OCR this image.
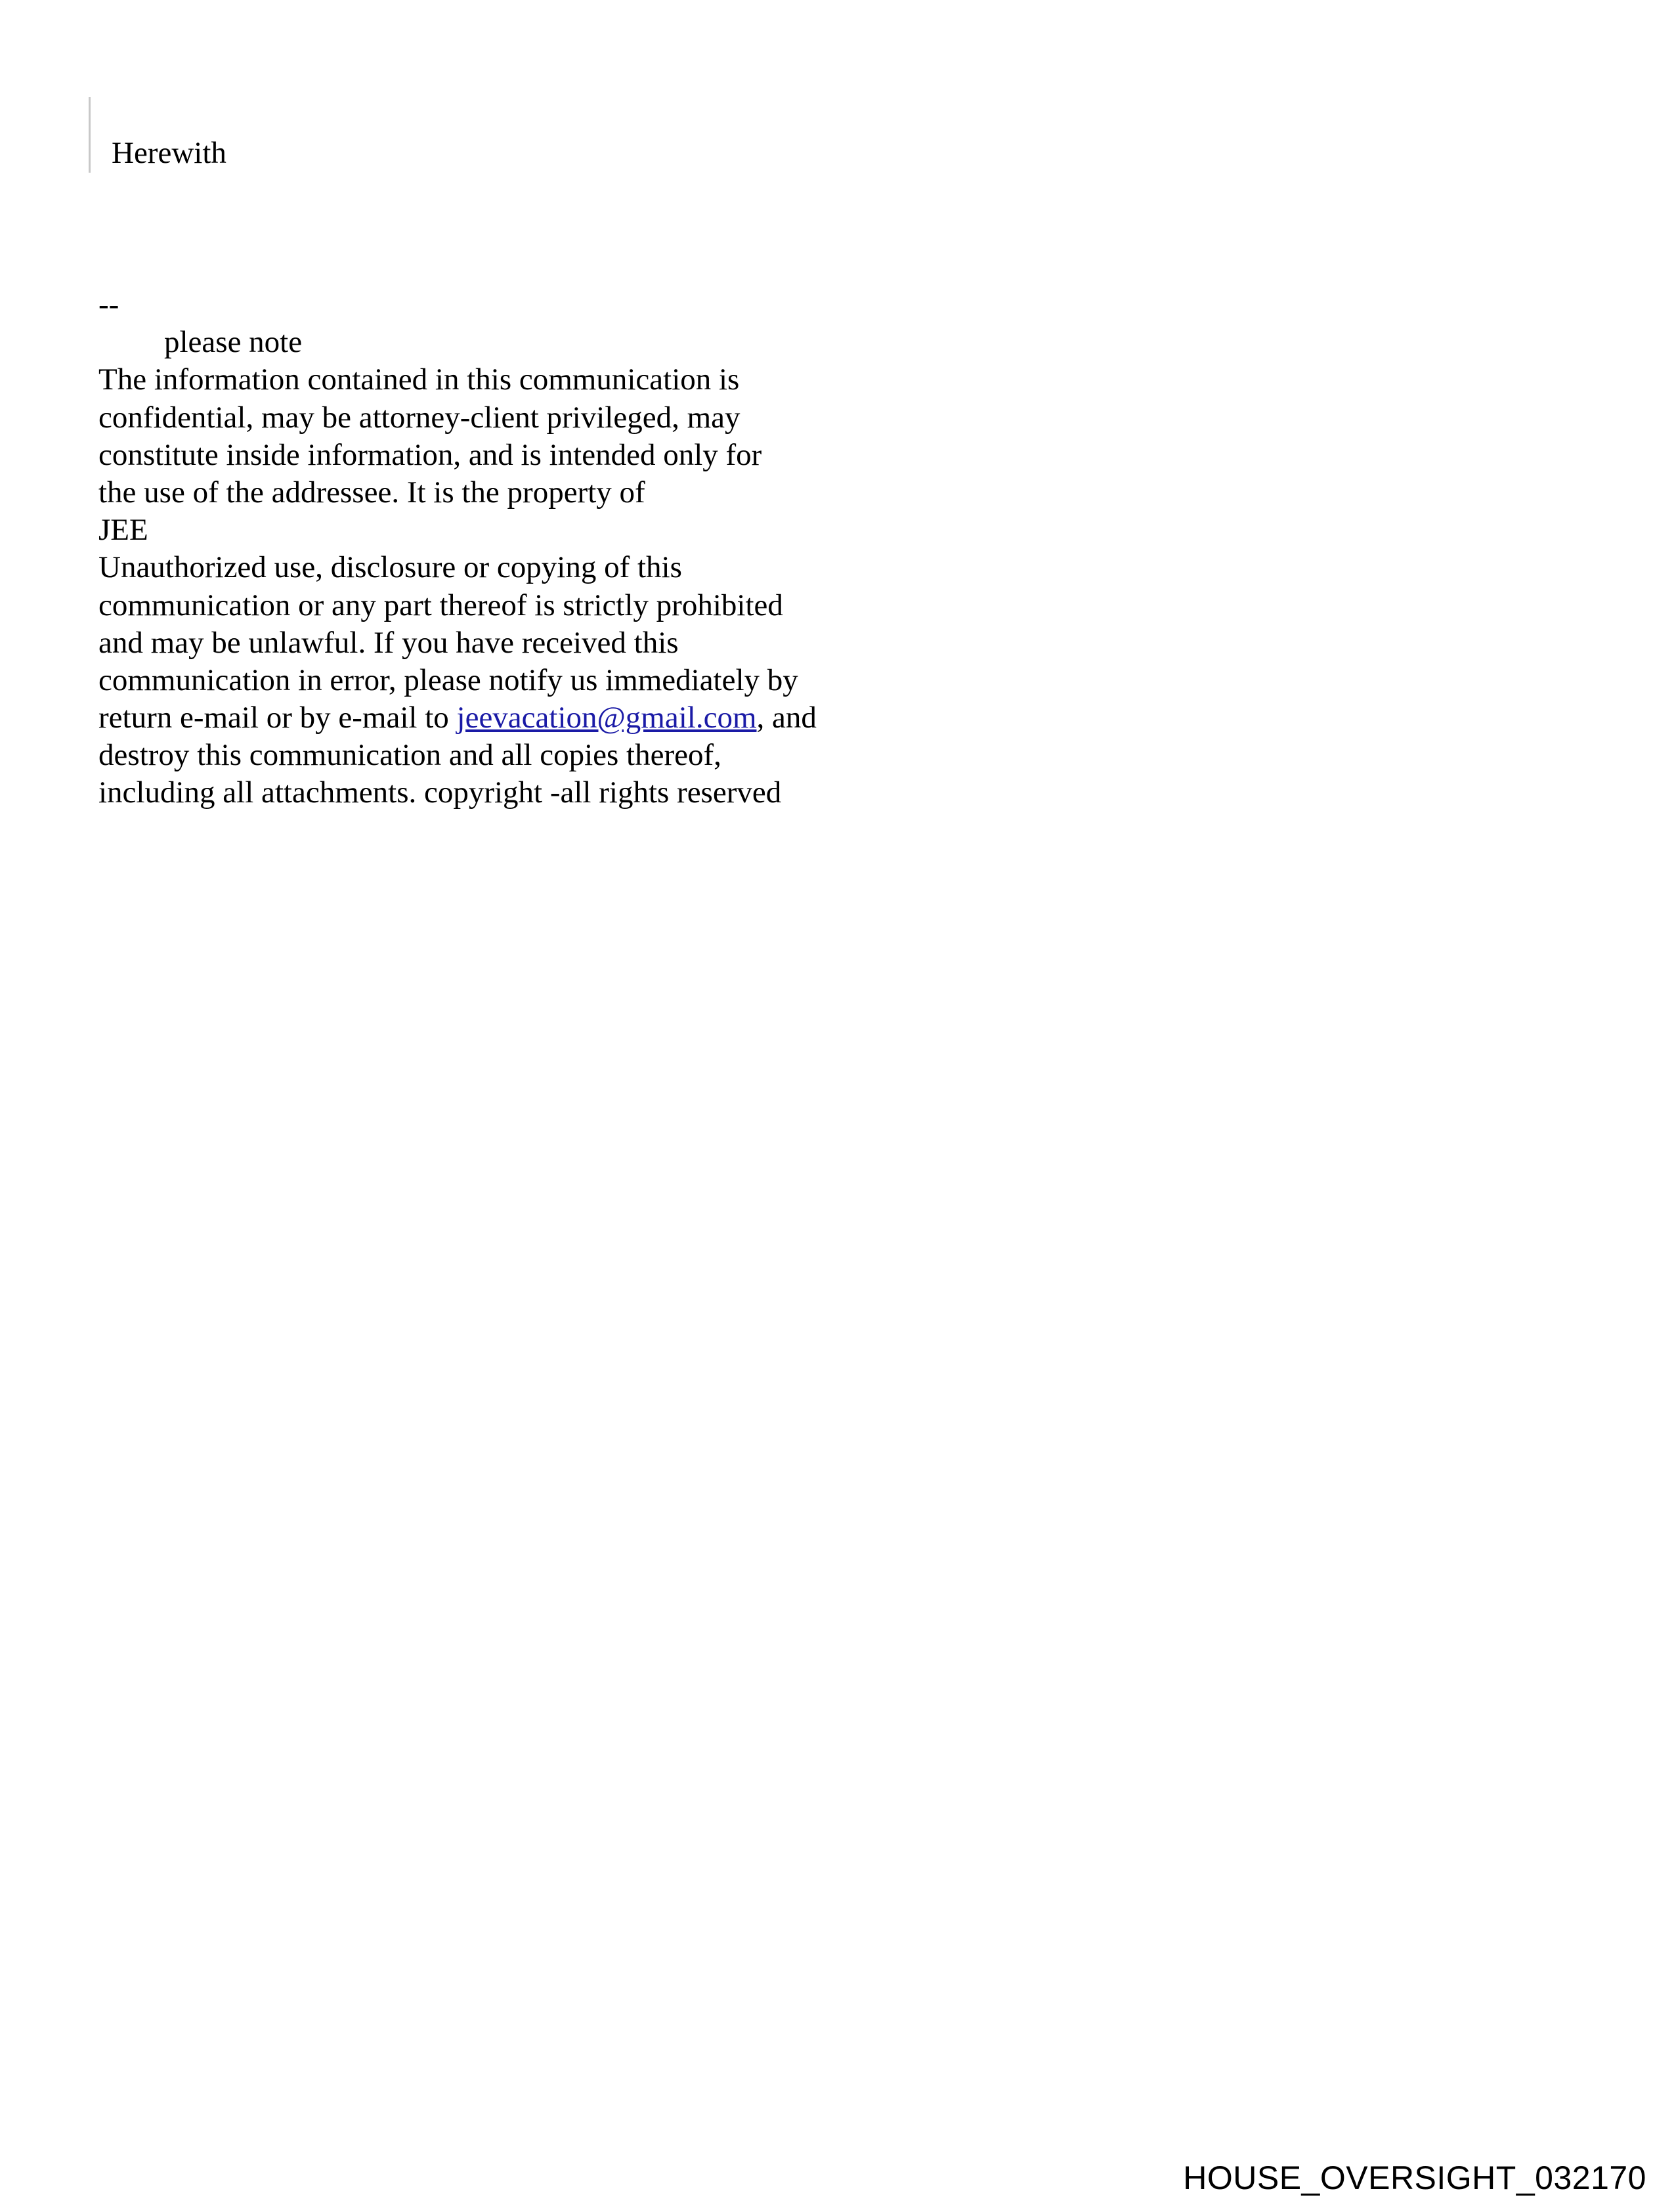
Herewith
--
please note
The information contained in this communication is
confidential, may be attorney-client privileged, may
constitute inside information, and is intended only for
the use of the addressee. It is the property of
JEE
Unauthorized use, disclosure or copying of this
communication or any part thereof is strictly prohibited
and may be unlawful. If you have received this
communication in error, please notify us immediately by
return e-mail or by e-mail to jeevacation@gmail.com, and
destroy this communication and all copies thereof,
including all attachments. copyright -all rights reserved
HOUSE_OVERSIGHT_032170
